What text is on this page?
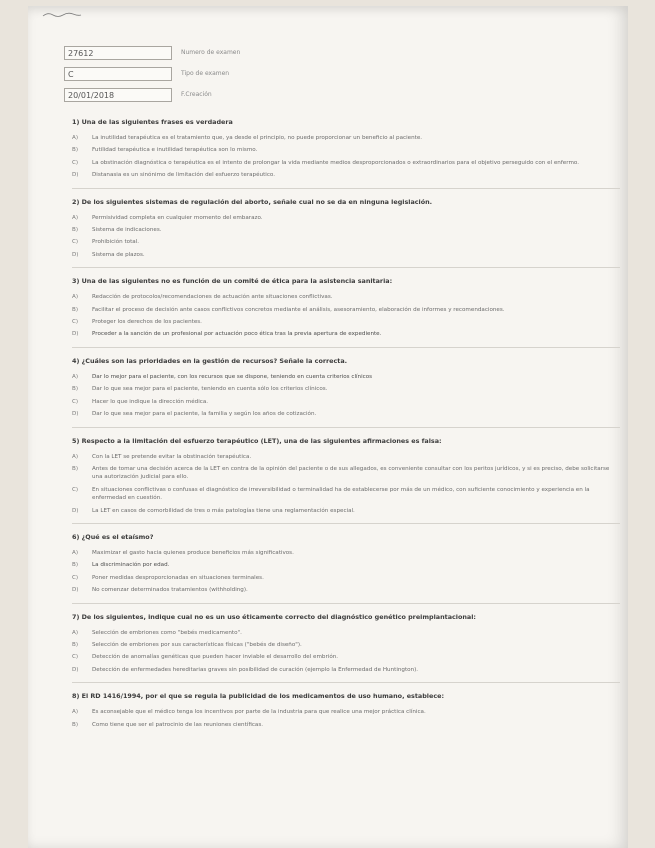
27612	Numero de examen
C	Tipo de examen
20/01/2018	F.Creación

1) Una de las siguientes frases es verdadera

A)	La inutilidad terapéutica es el tratamiento que, ya desde el principio, no puede proporcionar un beneficio al paciente.
B)	Futilidad terapéutica e inutilidad terapéutica son lo mismo.
C)	La obstinación diagnóstica o terapéutica es el intento de prolongar la vida mediante medios desproporcionados o extraordinarios para el objetivo perseguido con el enfermo.
D)	Distanasia es un sinónimo de limitación del esfuerzo terapéutico.

2) De los siguientes sistemas de regulación del aborto, señale cual no se da en ninguna legislación.

A)	Permisividad completa en cualquier momento del embarazo.
B)	Sistema de indicaciones.
C)	Prohibición total.
D)	Sistema de plazos.

3) Una de las siguientes no es función de un comité de ética para la asistencia sanitaria:

A)	Redacción de protocolos/recomendaciones de actuación ante situaciones conflictivas.
B)	Facilitar el proceso de decisión ante casos conflictivos concretos mediante el análisis, asesoramiento, elaboración de informes y recomendaciones.
C)	Proteger los derechos de los pacientes.
D)	Proceder a la sanción de un profesional por actuación poco ética tras la previa apertura de expediente.

4) ¿Cuáles son las prioridades en la gestión de recursos? Señale la correcta.

A)	Dar lo mejor para el paciente, con los recursos que se dispone, teniendo en cuenta criterios clínicos
B)	Dar lo que sea mejor para el paciente, teniendo en cuenta sólo los criterios clínicos.
C)	Hacer lo que indique la dirección médica.
D)	Dar lo que sea mejor para el paciente, la familia y según los años de cotización.

5) Respecto a la limitación del esfuerzo terapéutico (LET), una de las siguientes afirmaciones es falsa:

A)	Con la LET se pretende evitar la obstinación terapéutica.
B)	Antes de tomar una decisión acerca de la LET en contra de la opinión del paciente o de sus allegados, es conveniente consultar con los peritos jurídicos, y si es preciso, debe solicitarse una autorización judicial para ello.
C)	En situaciones conflictivas o confusas el diagnóstico de irreversibilidad o terminalidad ha de establecerse por más de un médico, con suficiente conocimiento y experiencia en la enfermedad en cuestión.
D)	La LET en casos de comorbilidad de tres o más patologías tiene una reglamentación especial.

6) ¿Qué es el etaísmo?

A)	Maximizar el gasto hacia quienes produce beneficios más significativos.
B)	La discriminación por edad.
C)	Poner medidas desproporcionadas en situaciones terminales.
D)	No comenzar determinados tratamientos (withholding).

7) De los siguientes, indique cual no es un uso éticamente correcto del diagnóstico genético preimplantacional:

A)	Selección de embriones como "bebés medicamento".
B)	Selección de embriones por sus características físicas ("bebés de diseño").
C)	Detección de anomalías genéticas que pueden hacer inviable el desarrollo del embrión.
D)	Detección de enfermedades hereditarias graves sin posibilidad de curación (ejemplo la Enfermedad de Huntington).

8) El RD 1416/1994, por el que se regula la publicidad de los medicamentos de uso humano, establece:

A)	Es aconsejable que el médico tenga los incentivos por parte de la industria para que realice una mejor práctica clínica.
B)	Como tiene que ser el patrocinio de las reuniones científicas.
